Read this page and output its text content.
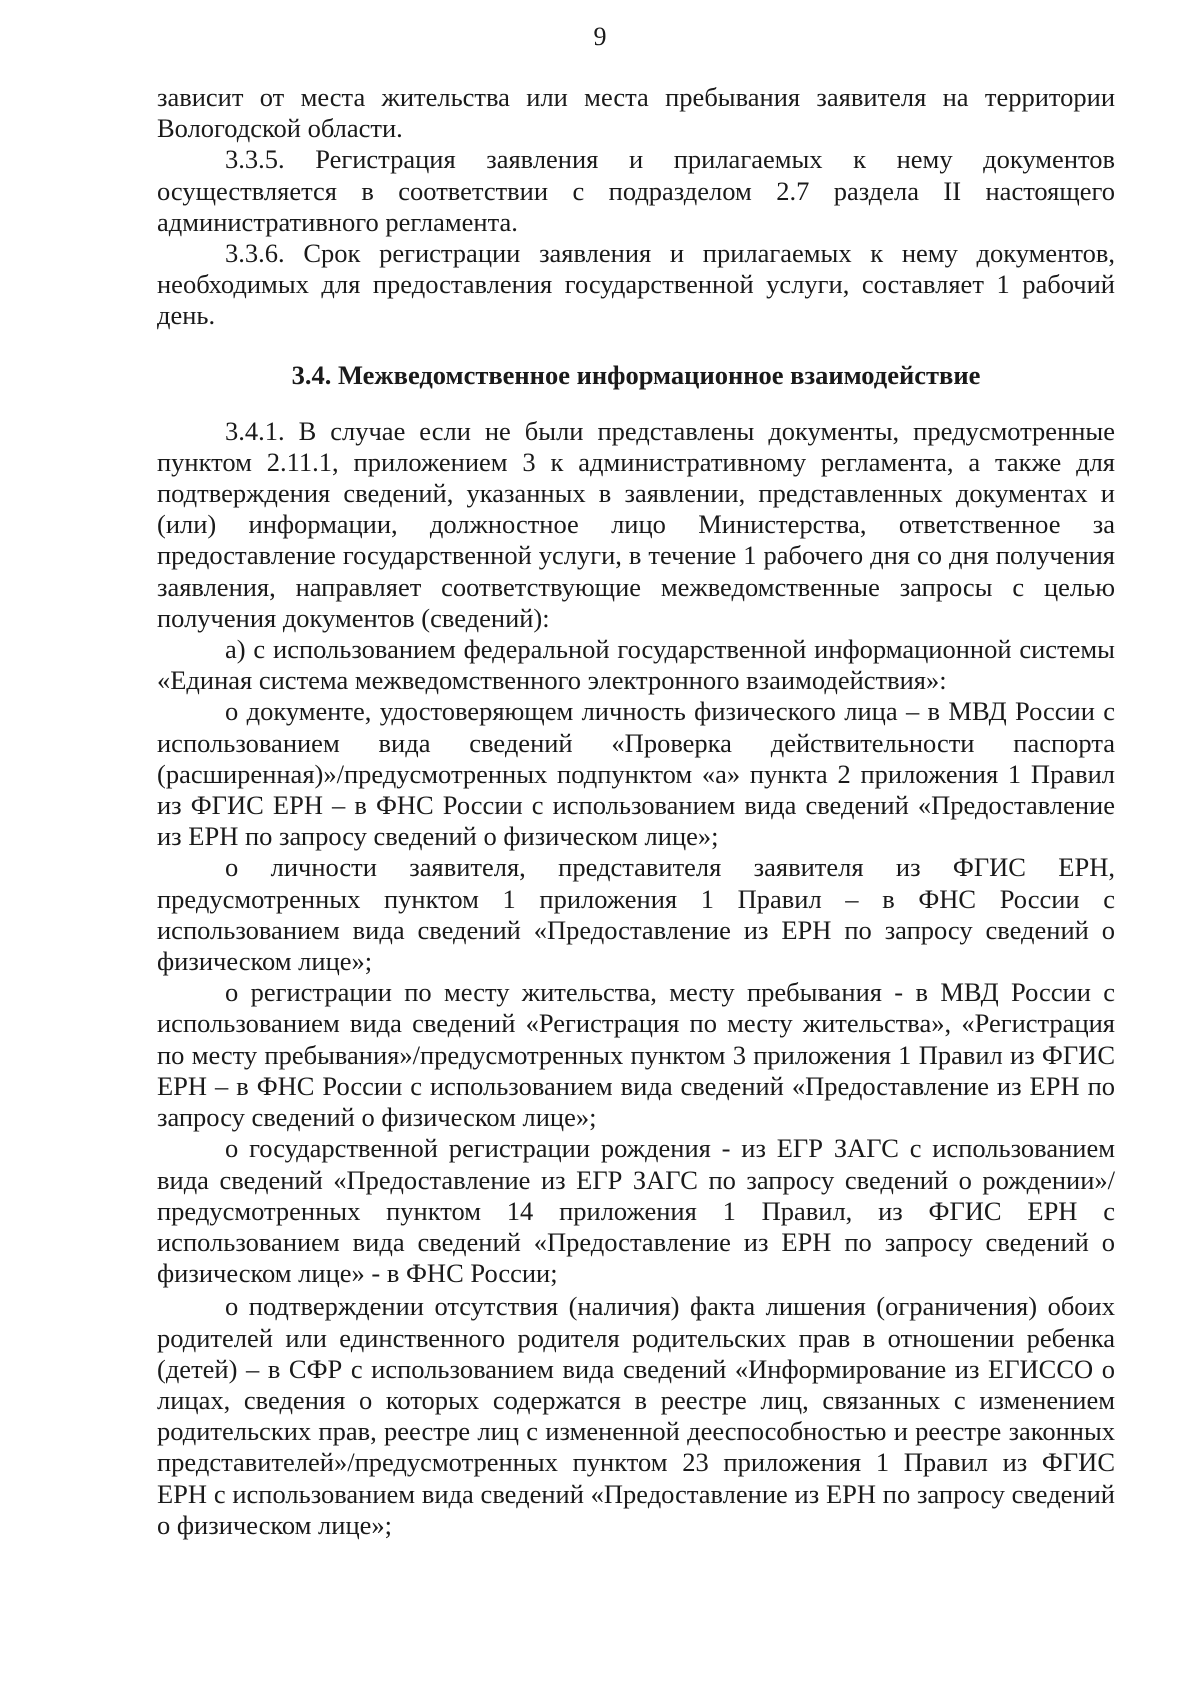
9

зависит от места жительства или места пребывания заявителя на территории Вологодской области.

3.3.5. Регистрация заявления и прилагаемых к нему документов осуществляется в соответствии с подразделом 2.7 раздела II настоящего административного регламента.

3.3.6. Срок регистрации заявления и прилагаемых к нему документов, необходимых для предоставления государственной услуги, составляет 1 рабочий день.

3.4. Межведомственное информационное взаимодействие

3.4.1. В случае если не были представлены документы, предусмотренные пунктом 2.11.1, приложением 3 к административному регламента, а также для подтверждения сведений, указанных в заявлении, представленных документах и (или) информации, должностное лицо Министерства, ответственное за предоставление государственной услуги, в течение 1 рабочего дня со дня получения заявления, направляет соответствующие межведомственные запросы с целью получения документов (сведений):

а) с использованием федеральной государственной информационной системы «Единая система межведомственного электронного взаимодействия»:

о документе, удостоверяющем личность физического лица – в МВД России с использованием вида сведений «Проверка действительности паспорта (расширенная)»/предусмотренных подпунктом «а» пункта 2 приложения 1 Правил из ФГИС ЕРН – в ФНС России с использованием вида сведений «Предоставление из ЕРН по запросу сведений о физическом лице»;

о личности заявителя, представителя заявителя из ФГИС ЕРН, предусмотренных пунктом 1 приложения 1 Правил – в ФНС России с использованием вида сведений «Предоставление из ЕРН по запросу сведений о физическом лице»;

о регистрации по месту жительства, месту пребывания - в МВД России с использованием вида сведений «Регистрация по месту жительства», «Регистрация по месту пребывания»/предусмотренных пунктом 3 приложения 1 Правил из ФГИС ЕРН – в ФНС России с использованием вида сведений «Предоставление из ЕРН по запросу сведений о физическом лице»;

о государственной регистрации рождения - из ЕГР ЗАГС с использованием вида сведений «Предоставление из ЕГР ЗАГС по запросу сведений о рождении»/предусмотренных пунктом 14 приложения 1 Правил, из ФГИС ЕРН с использованием вида сведений «Предоставление из ЕРН по запросу сведений о физическом лице» - в ФНС России;

о подтверждении отсутствия (наличия) факта лишения (ограничения) обоих родителей или единственного родителя родительских прав в отношении ребенка (детей) – в СФР с использованием вида сведений «Информирование из ЕГИССО о лицах, сведения о которых содержатся в реестре лиц, связанных с изменением родительских прав, реестре лиц с измененной дееспособностью и реестре законных представителей»/предусмотренных пунктом 23 приложения 1 Правил из ФГИС ЕРН с использованием вида сведений «Предоставление из ЕРН по запросу сведений о физическом лице»;
